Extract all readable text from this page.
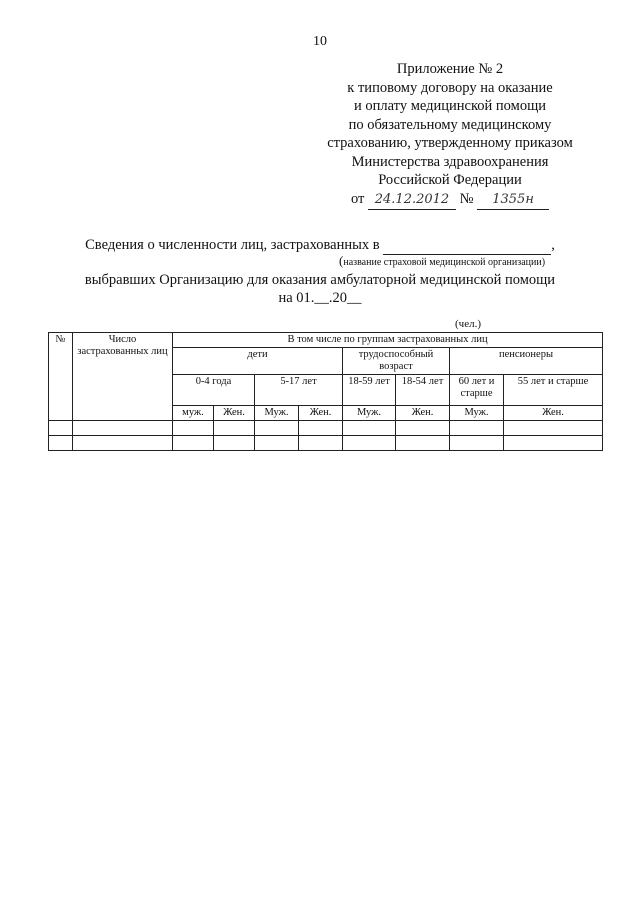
10
Приложение № 2
к типовому договору на оказание
и оплату медицинской помощи
по обязательному медицинскому
страхованию, утвержденному приказом
Министерства здравоохранения
Российской Федерации
от 24.12.2012 № 1355н
Сведения о численности лиц, застрахованных в	,
(название страховой медицинской организации)
выбравших Организацию для оказания амбулаторной медицинской помощи
на 01.__.20__
(чел.)
№	Число застрахованных лиц	В том числе по группам застрахованных лиц							
		дети				трудоспособный возраст		пенсионеры	
		0-4 года		5-17 лет		18-59 лет	18-54 лет	60 лет и старше	55 лет и старше
		муж.	Жен.	Муж.	Жен.	Муж.	Жен.	Муж.	Жен.
